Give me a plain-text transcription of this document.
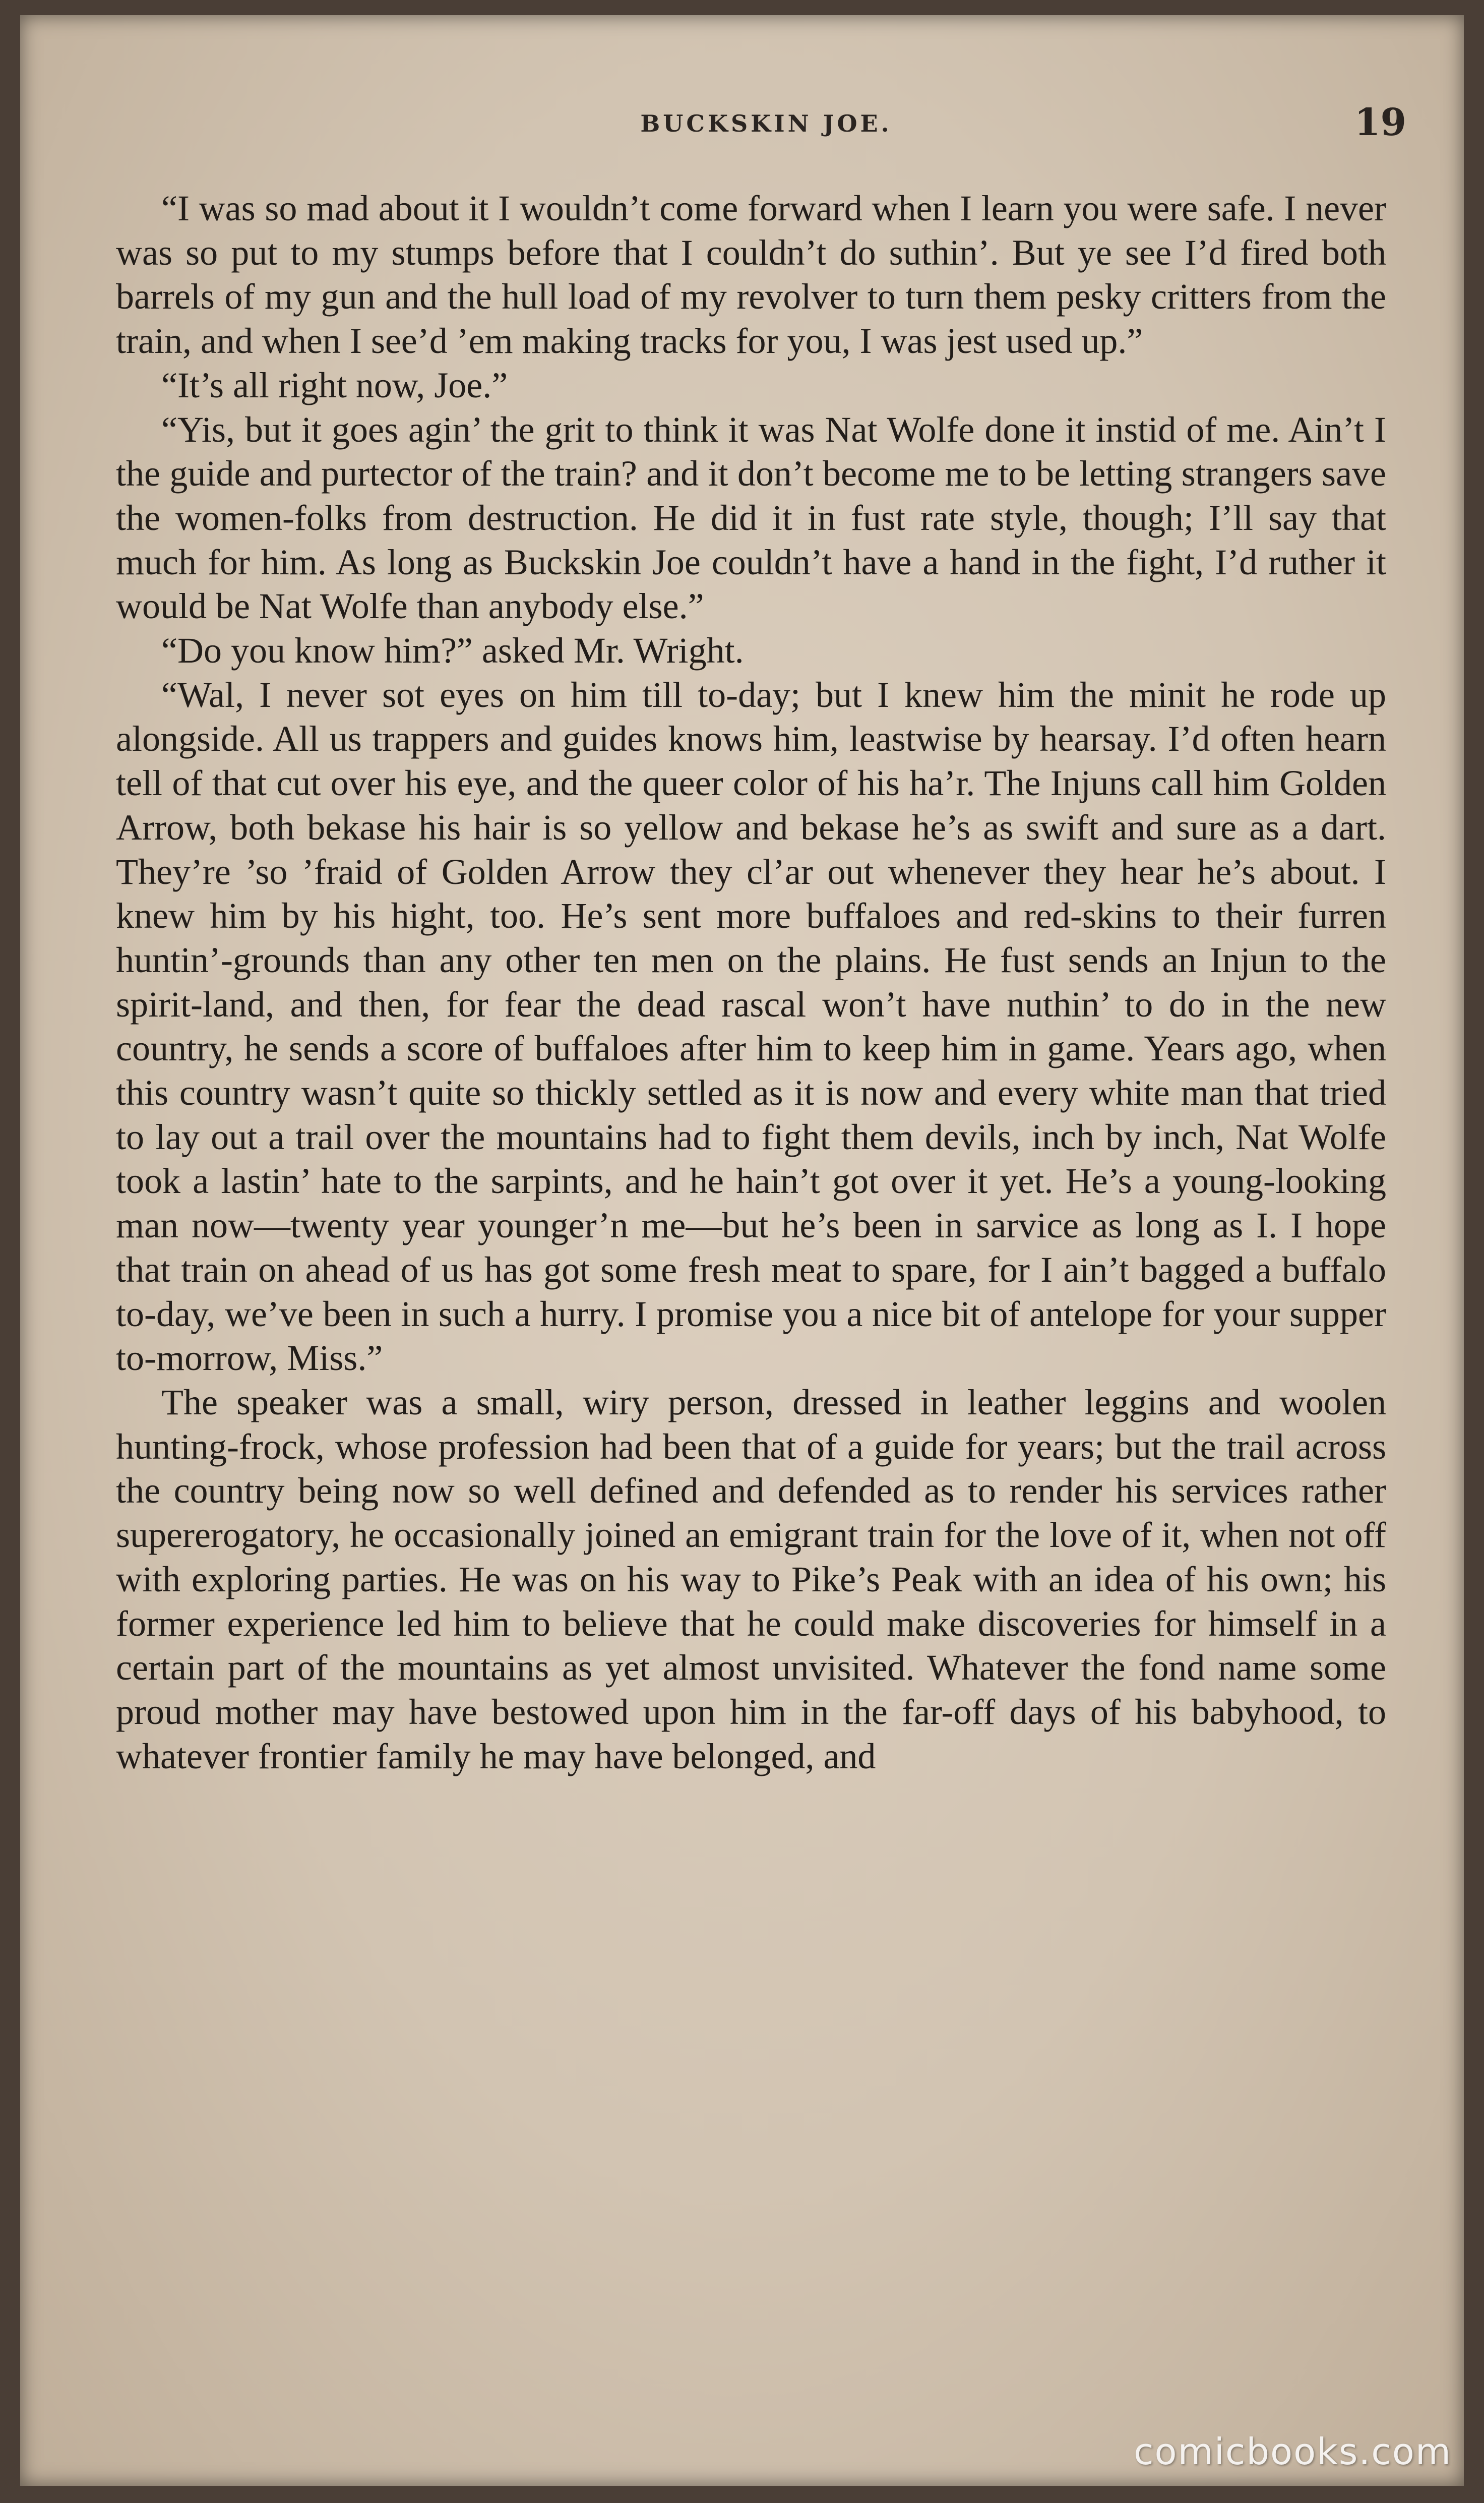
BUCKSKIN JOE.	19

“I was so mad about it I wouldn’t come forward when I learn you were safe. I never was so put to my stumps before that I couldn’t do suthin’. But ye see I’d fired both barrels of my gun and the hull load of my revolver to turn them pesky critters from the train, and when I see’d ’em making tracks for you, I was jest used up.”

“It’s all right now, Joe.”

“Yis, but it goes agin’ the grit to think it was Nat Wolfe done it instid of me. Ain’t I the guide and purtector of the train? and it don’t become me to be letting strangers save the women-folks from destruction. He did it in fust rate style, though; I’ll say that much for him. As long as Buckskin Joe couldn’t have a hand in the fight, I’d ruther it would be Nat Wolfe than anybody else.”

“Do you know him?” asked Mr. Wright.

“Wal, I never sot eyes on him till to-day; but I knew him the minit he rode up alongside. All us trappers and guides knows him, leastwise by hearsay. I’d often hearn tell of that cut over his eye, and the queer color of his ha’r. The Injuns call him Golden Arrow, both bekase his hair is so yellow and bekase he’s as swift and sure as a dart. They’re ’so ’fraid of Golden Arrow they cl’ar out whenever they hear he’s about. I knew him by his hight, too. He’s sent more buffaloes and red-skins to their furren huntin’-grounds than any other ten men on the plains. He fust sends an Injun to the spirit-land, and then, for fear the dead rascal won’t have nuthin’ to do in the new country, he sends a score of buffaloes after him to keep him in game. Years ago, when this country wasn’t quite so thickly settled as it is now and every white man that tried to lay out a trail over the mountains had to fight them devils, inch by inch, Nat Wolfe took a lastin’ hate to the sarpints, and he hain’t got over it yet. He’s a young-looking man now—twenty year younger’n me—but he’s been in sarvice as long as I. I hope that train on ahead of us has got some fresh meat to spare, for I ain’t bagged a buffalo to-day, we’ve been in such a hurry. I promise you a nice bit of antelope for your supper to-morrow, Miss.”

The speaker was a small, wiry person, dressed in leather leggins and woolen hunting-frock, whose profession had been that of a guide for years; but the trail across the country being now so well defined and defended as to render his services rather supererogatory, he occasionally joined an emigrant train for the love of it, when not off with exploring parties. He was on his way to Pike’s Peak with an idea of his own; his former experience led him to believe that he could make discoveries for himself in a certain part of the mountains as yet almost unvisited. Whatever the fond name some proud mother may have bestowed upon him in the far-off days of his babyhood, to whatever frontier family he may have belonged, and

comicbooks.com
